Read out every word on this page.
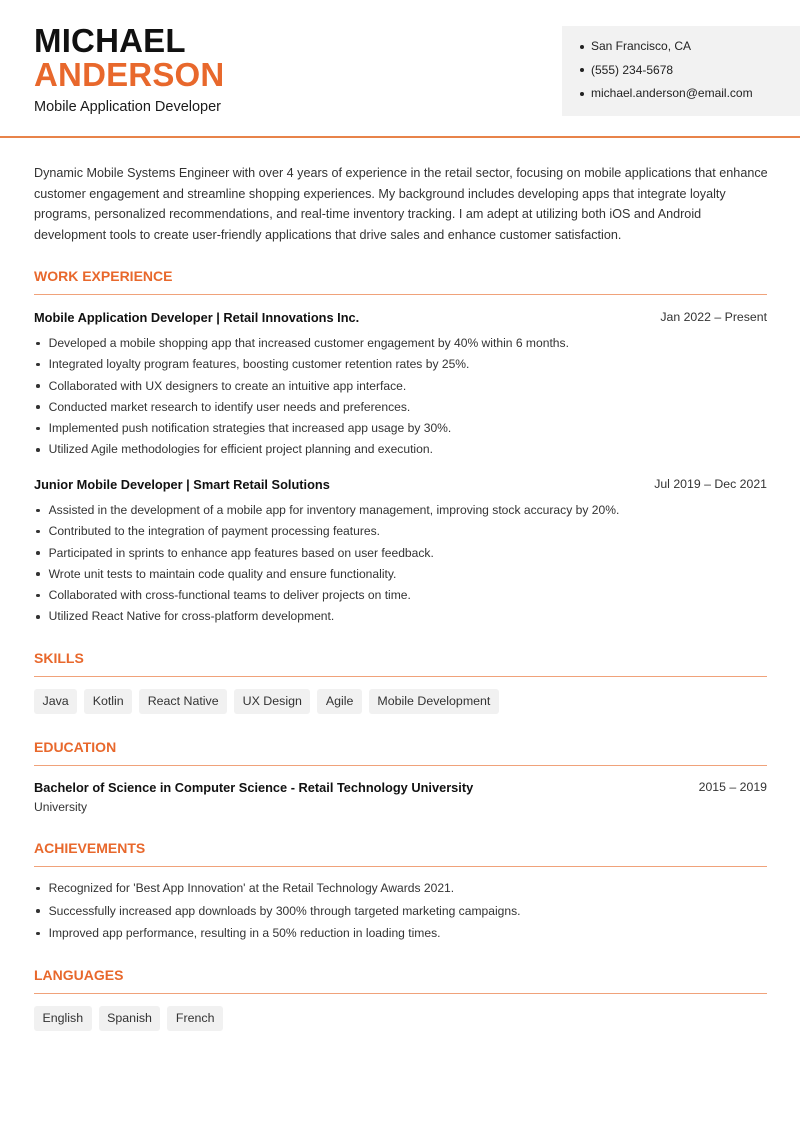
MICHAEL
ANDERSON
Mobile Application Developer
San Francisco, CA
(555) 234-5678
michael.anderson@email.com

Dynamic Mobile Systems Engineer with over 4 years of experience in the retail sector, focusing on mobile applications that enhance customer engagement and streamline shopping experiences. My background includes developing apps that integrate loyalty programs, personalized recommendations, and real-time inventory tracking. I am adept at utilizing both iOS and Android development tools to create user-friendly applications that drive sales and enhance customer satisfaction.

WORK EXPERIENCE
Mobile Application Developer | Retail Innovations Inc.	Jan 2022 – Present
Developed a mobile shopping app that increased customer engagement by 40% within 6 months.
Integrated loyalty program features, boosting customer retention rates by 25%.
Collaborated with UX designers to create an intuitive app interface.
Conducted market research to identify user needs and preferences.
Implemented push notification strategies that increased app usage by 30%.
Utilized Agile methodologies for efficient project planning and execution.
Junior Mobile Developer | Smart Retail Solutions	Jul 2019 – Dec 2021
Assisted in the development of a mobile app for inventory management, improving stock accuracy by 20%.
Contributed to the integration of payment processing features.
Participated in sprints to enhance app features based on user feedback.
Wrote unit tests to maintain code quality and ensure functionality.
Collaborated with cross-functional teams to deliver projects on time.
Utilized React Native for cross-platform development.
SKILLS
Java	Kotlin	React Native	UX Design	Agile	Mobile Development
EDUCATION
Bachelor of Science in Computer Science - Retail Technology University	2015 – 2019
University
ACHIEVEMENTS
Recognized for 'Best App Innovation' at the Retail Technology Awards 2021.
Successfully increased app downloads by 300% through targeted marketing campaigns.
Improved app performance, resulting in a 50% reduction in loading times.
LANGUAGES
English	Spanish	French
